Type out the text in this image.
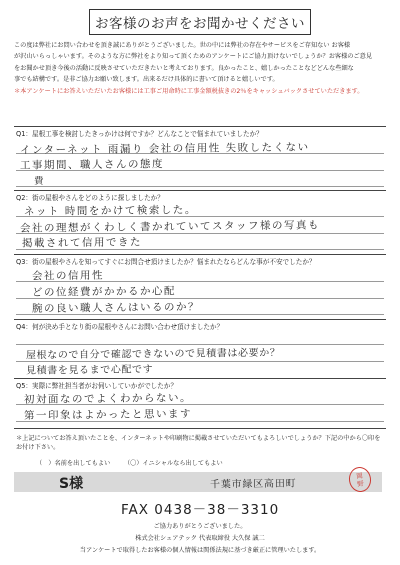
お客様のお声をお聞かせください
この度は弊社にお問い合わせを頂き誠にありがとうございました。世の中には弊社の存在やサービスをご存知ない お客様
が沢山いらっしゃいます。そのような方に弊社をより知って頂くためのアンケートにご協力頂けないでしょうか？お客様のご意見
をお聞かせ頂き今後の活動に反映させていただきたいと考えております。良かったこと、嬉しかったことなどどんな些細な
事でも結構です。是非ご協力お願い致します。出来るだけ具体的に書いて頂けると嬉しいです。
＊本アンケートにお答えいただいたお客様には工事ご用命時に工事金額税抜きの2％をキャッシュバックさせていただきます。
Q1：屋根工事を検討したきっかけは何ですか？どんなことで悩まれていましたか？
インターネット 雨漏り 会社の信用性 失敗したくない
工事期間、職人さんの態度
費
Q2：街の屋根やさんをどのように探しましたか？
ネット 時間をかけて検索した。
会社の理想がくわしく書かれていてスタッフ様の写真も
掲載されて信用できた
Q3：街の屋根やさんを知ってすぐにお問合せ頂けましたか？悩まれたならどんな事が不安でしたか？
会社の信用性
どの位経費がかかるか心配
腕の良い職人さんはいるのか？
Q4：何が決め手となり街の屋根やさんにお問い合わせ頂けましたか？
屋根なので自分で確認できないので見積書は必要か？
見積書を見るまで心配です
Q5：実際に弊社担当者がお伺いしていかがでしたか？
初対面なのでよくわからない。
第一印象はよかったと思います
＊上記についてお答え頂いたことを、インターネットや印刷物に掲載させていただいてもよろしいでしょうか？下記の中から〇印をお付け下さい。
（　）名前を出してもよい （〇）イニシャルなら出してもよい
S様	千葉市緑区高田町
岡
野
FAX 0438－38－3310
ご協力ありがとうございました。
株式会社シェアテック 代表取締役 大久保 誠二
当アンケートで取得したお客様の個人情報は関係法規に基づき厳正に管理いたします。
